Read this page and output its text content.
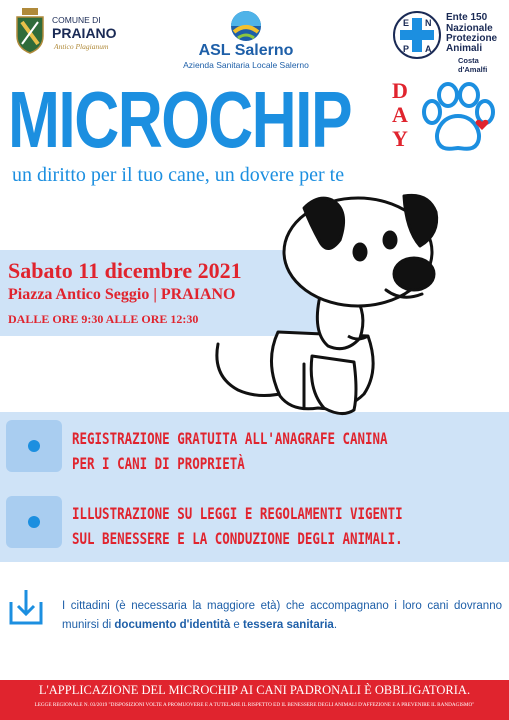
COMUNE DI
PRAIANO
Antico Plagianum	ASL Salerno
Azienda Sanitaria Locale Salerno
E N
P A
Ente 150
Nazionale
Protezione
Animali
Costa d'Amalfi
MICROCHIP D
A
Y
un diritto per il tuo cane, un dovere per te
Sabato 11 dicembre 2021
Piazza Antico Seggio | PRAIANO
DALLE ORE 9:30 ALLE ORE 12:30
REGISTRAZIONE GRATUITA ALL'ANAGRAFE CANINA
PER I CANI DI PROPRIETÀ
ILLUSTRAZIONE SU LEGGI E REGOLAMENTI VIGENTI
SUL BENESSERE E LA CONDUZIONE DEGLI ANIMALI.
I cittadini (è necessaria la maggiore età) che accompagnano i loro cani dovranno munirsi di documento d'identità e tessera sanitaria.
L'APPLICAZIONE DEL MICROCHIP AI CANI PADRONALI È OBBLIGATORIA.
LEGGE REGIONALE N. 03/2019 "DISPOSIZIONI VOLTE A PROMUOVERE E A TUTELARE IL RISPETTO ED IL BENESSERE DEGLI ANIMALI D'AFFEZIONE E A PREVENIRE IL RANDAGISMO"
